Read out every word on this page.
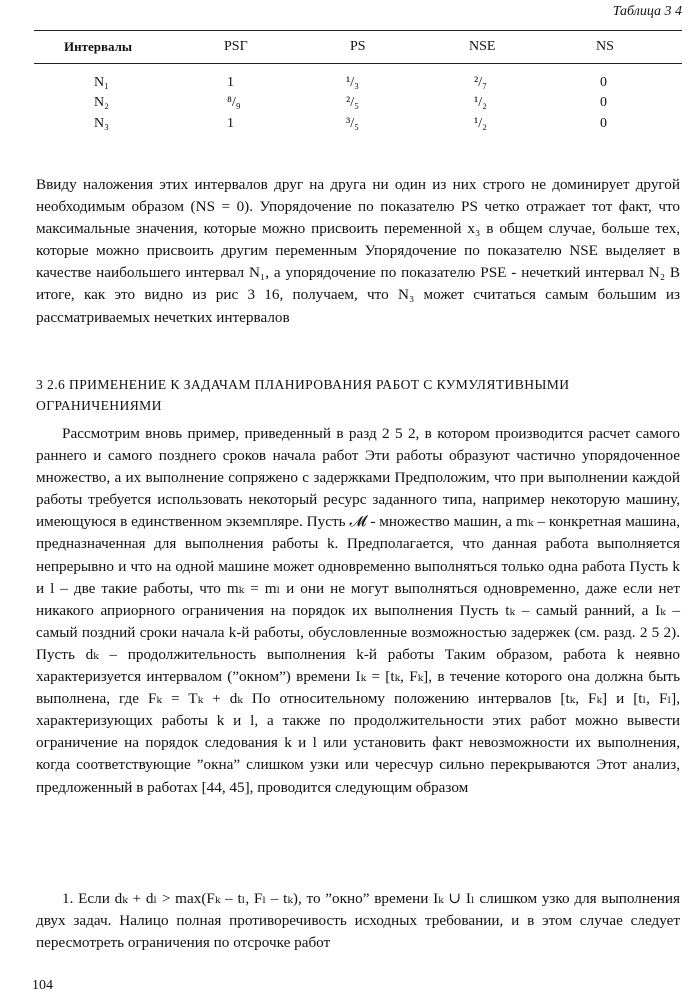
Таблица 3 4
Интервалы	PSГ	PS	NSE	NS
N₁	1	¹/₃	²/₇	0
N₂	⁸/₉	²/₅	¹/₂	0
N₃	1	³/₅	¹/₂	0

Ввиду наложения этих интервалов друг на друга ни один из них строго не доминирует другой необходимым образом (NS = 0). Упорядочение по показателю PS четко отражает тот факт, что максимальные значения, которые можно присвоить переменной x₃ в общем случае, больше тех, которые можно присвоить другим переменным Упорядочение по показателю NSE выделяет в качестве наибольшего интервал N₁, а упорядочение по показателю PSE - нечеткий интервал N₂ В итоге, как это видно из рис 3 16, получаем, что N₃ может считаться самым большим из рассматриваемых нечетких интервалов

3 2.6 ПРИМЕНЕНИЕ К ЗАДАЧАМ ПЛАНИРОВАНИЯ РАБОТ С КУМУЛЯТИВНЫМИ ОГРАНИЧЕНИЯМИ

Рассмотрим вновь пример, приведенный в разд 2 5 2, в котором производится расчет самого раннего и самого позднего сроков начала работ Эти работы образуют частично упорядоченное множество, а их выполнение сопряжено с задержками Предположим, что при выполнении каждой работы требуется использовать некоторый ресурс заданного типа, например некоторую машину, имеющуюся в единственном экземпляре. Пусть 𝓜 - множество машин, а mₖ – конкретная машина, предназначенная для выполнения работы k. Предполагается, что данная работа выполняется непрерывно и что на одной машине может одновременно выполняться только одна работа Пусть k и l – две такие работы, что mₖ = mₗ и они не могут выполняться одновременно, даже если нет никакого априорного ограничения на порядок их выполнения Пусть tₖ – самый ранний, а Iₖ – самый поздний сроки начала k-й работы, обусловленные возможностью задержек (см. разд. 2 5 2). Пусть dₖ – продолжительность выполнения k-й работы Таким образом, работа k неявно характеризуется интервалом (”окном”) времени Iₖ = [tₖ, Fₖ], в течение которого она должна быть выполнена, где Fₖ = Tₖ + dₖ По относительному положению интервалов [tₖ, Fₖ] и [tₗ, Fₗ], характеризующих работы k и l, а также по продолжительности этих работ можно вывести ограничение на порядок следования k и l или установить факт невозможности их выполнения, когда соответствующие ”окна” слишком узки или чересчур сильно перекрываются Этот анализ, предложенный в работах [44, 45], проводится следующим образом

1. Если dₖ + dₗ > max(Fₖ – tₗ, Fₗ – tₖ), то ”окно” времени Iₖ ∪ Iₗ слишком узко для выполнения двух задач. Налицо полная противоречивость исходных требовании, и в этом случае следует пересмотреть ограничения по отсрочке работ

104
